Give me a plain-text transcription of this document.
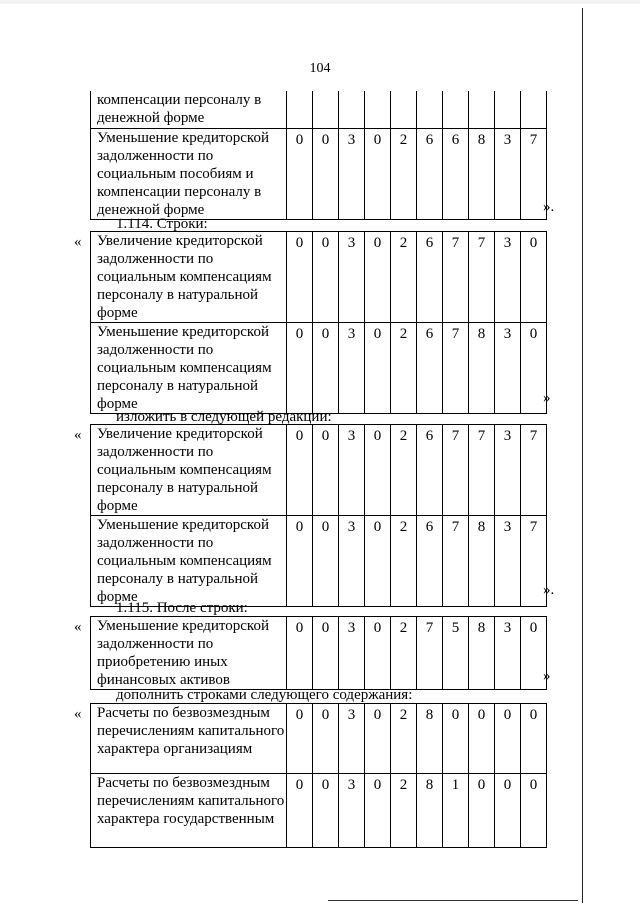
104
компенсации персоналу в денежной форме										
Уменьшение кредиторской задолженности по социальным пособиям и компенсации персоналу в денежной форме	0	0	3	0	2	6	6	8	3	7
».
1.114. Строки:
« Увеличение кредиторской задолженности по социальным компенсациям персоналу в натуральной форме	0	0	3	0	2	6	7	7	3	0
Уменьшение кредиторской задолженности по социальным компенсациям персоналу в натуральной форме	0	0	3	0	2	6	7	8	3	0
»
изложить в следующей редакции:
« Увеличение кредиторской задолженности по социальным компенсациям персоналу в натуральной форме	0	0	3	0	2	6	7	7	3	7
Уменьшение кредиторской задолженности по социальным компенсациям персоналу в натуральной форме	0	0	3	0	2	6	7	8	3	7
».
1.115. После строки:
« Уменьшение кредиторской задолженности по приобретению иных финансовых активов	0	0	3	0	2	7	5	8	3	0
»
дополнить строками следующего содержания:
« Расчеты по безвозмездным перечислениям капитального характера организациям	0	0	3	0	2	8	0	0	0	0
Расчеты по безвозмездным перечислениям капитального характера государственным	0	0	3	0	2	8	1	0	0	0
